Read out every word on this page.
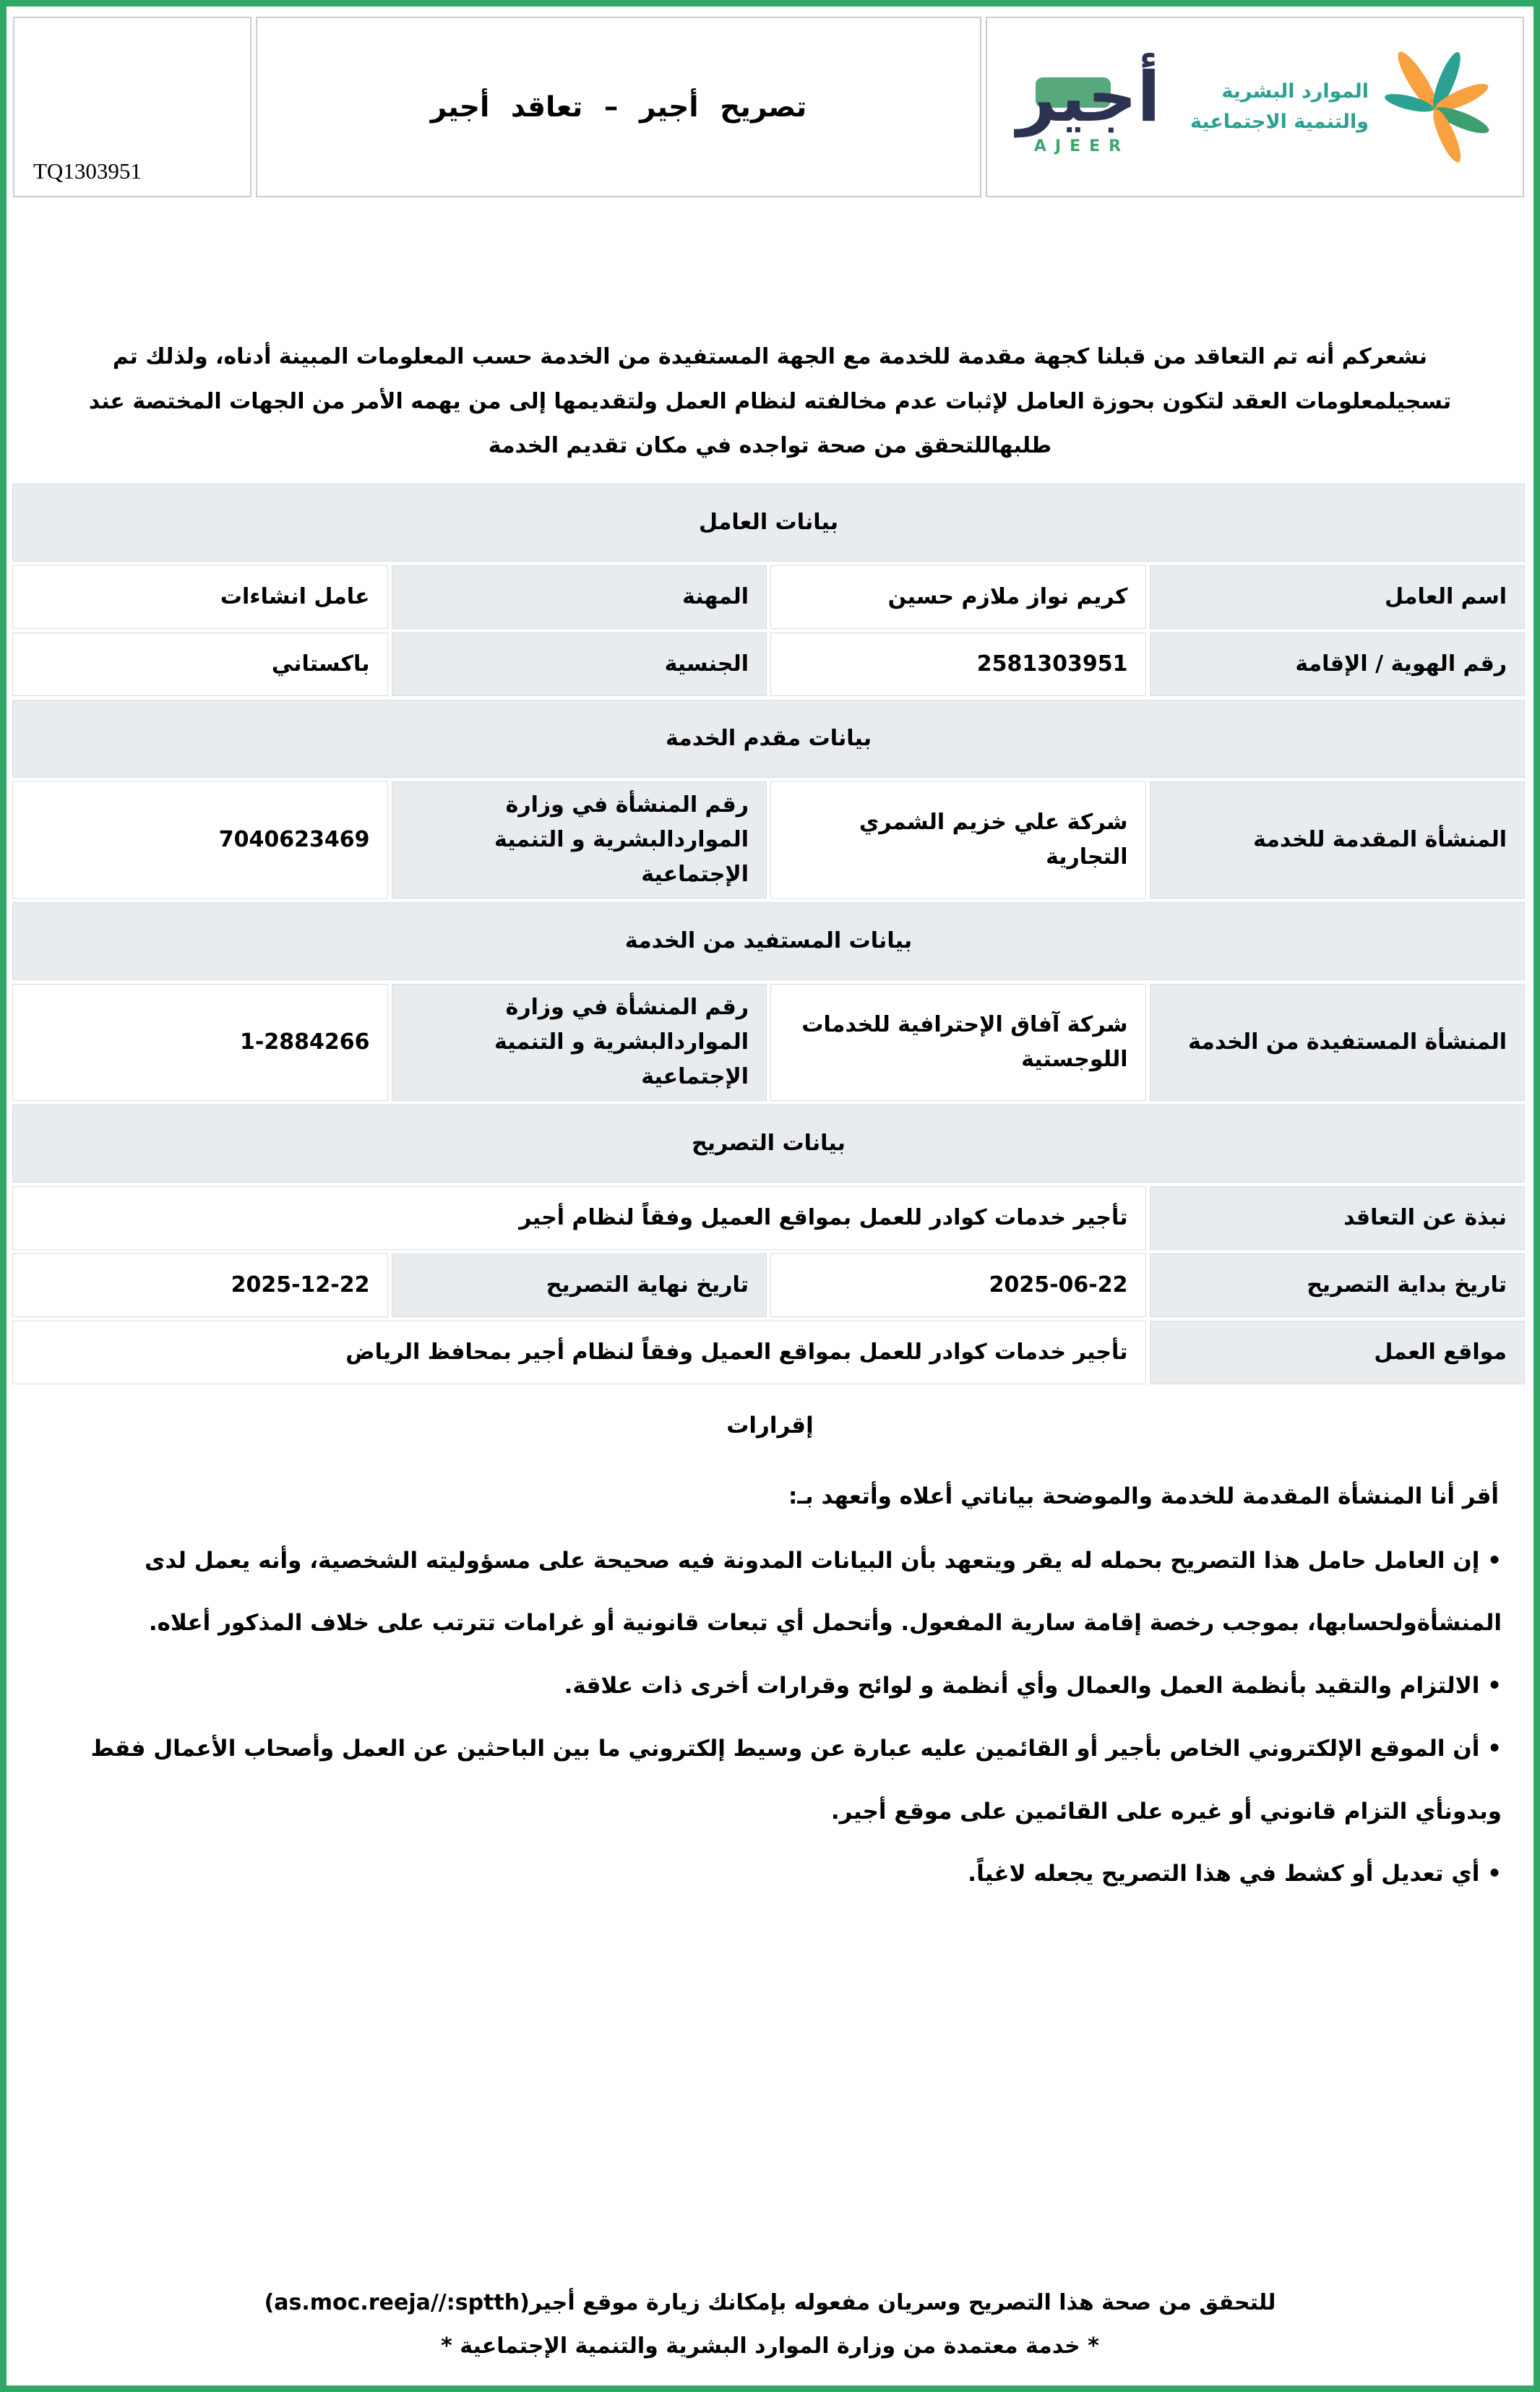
TQ1303951	تصريح أجير – تعاقد أجير	أجير
AJEER
الموارد البشرية
والتنمية الاجتماعية
نشعركم أنه تم التعاقد من قبلنا كجهة مقدمة للخدمة مع الجهة المستفيدة من الخدمة حسب المعلومات المبينة أدناه، ولذلك تم تسجيلمعلومات العقد لتكون بحوزة العامل لإثبات عدم مخالفته لنظام العمل ولتقديمها إلى من يهمه الأمر من الجهات المختصة عند طلبهاللتحقق من صحة تواجده في مكان تقديم الخدمة
بيانات العامل			
اسم العامل	كريم نواز ملازم حسين	المهنة	عامل انشاءات
رقم الهوية / الإقامة	2581303951	الجنسية	باكستاني
بيانات مقدم الخدمة			
المنشأة المقدمة للخدمة	شركة علي خزيم الشمري التجارية	رقم المنشأة في وزارة المواردالبشرية و التنمية الإجتماعية	7040623469
بيانات المستفيد من الخدمة			
المنشأة المستفيدة من الخدمة	شركة آفاق الإحترافية للخدمات اللوجستية	رقم المنشأة في وزارة المواردالبشرية و التنمية الإجتماعية	1-2884266
بيانات التصريح			
نبذة عن التعاقد	تأجير خدمات كوادر للعمل بمواقع العميل وفقاً لنظام أجير		
تاريخ بداية التصريح	2025-06-22	تاريخ نهاية التصريح	2025-12-22
مواقع العمل	تأجير خدمات كوادر للعمل بمواقع العميل وفقاً لنظام أجير بمحافظ الرياض		
إقرارات
أقر أنا المنشأة المقدمة للخدمة والموضحة بياناتي أعلاه وأتعهد بـ:
• إن العامل حامل هذا التصريح بحمله له يقر ويتعهد بأن البيانات المدونة فيه صحيحة على مسؤوليته الشخصية، وأنه يعمل لدى المنشأةولحسابها، بموجب رخصة إقامة سارية المفعول. وأتحمل أي تبعات قانونية أو غرامات تترتب على خلاف المذكور أعلاه.
• الالتزام والتقيد بأنظمة العمل والعمال وأي أنظمة و لوائح وقرارات أخرى ذات علاقة.
• أن الموقع الإلكتروني الخاص بأجير أو القائمين عليه عبارة عن وسيط إلكتروني ما بين الباحثين عن العمل وأصحاب الأعمال فقط وبدونأي التزام قانوني أو غيره على القائمين على موقع أجير.
• أي تعديل أو كشط في هذا التصريح يجعله لاغياً.
للتحقق من صحة هذا التصريح وسريان مفعوله بإمكانك زيارة موقع أجير(as.moc.reeja//:sptth)
* خدمة معتمدة من وزارة الموارد البشرية والتنمية الإجتماعية *
